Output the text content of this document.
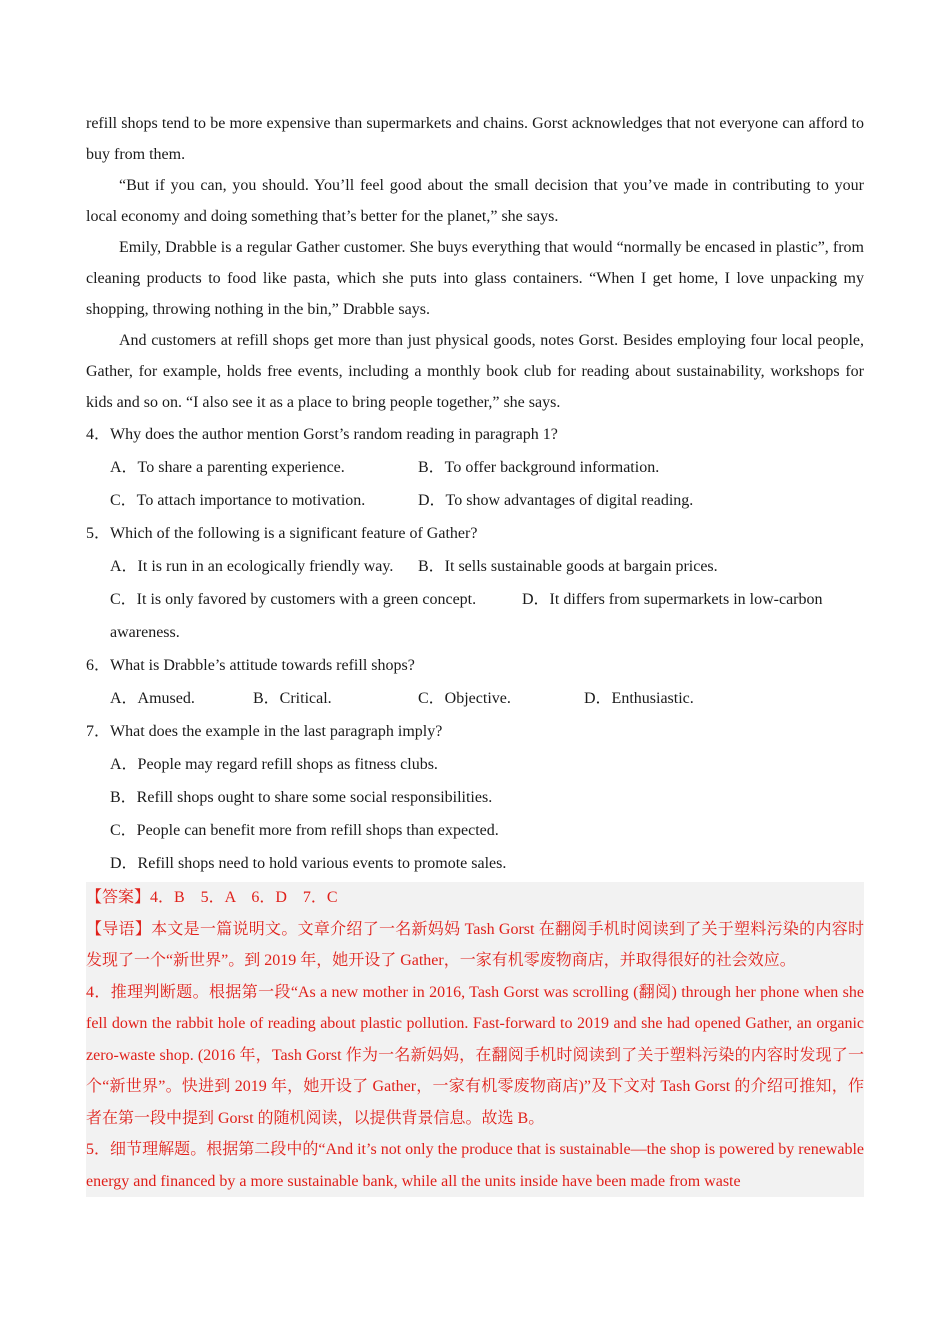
refill shops tend to be more expensive than supermarkets and chains. Gorst acknowledges that not everyone can afford to buy from them.

“But if you can, you should. You’ll feel good about the small decision that you’ve made in contributing to your local economy and doing something that’s better for the planet,” she says.

Emily, Drabble is a regular Gather customer. She buys everything that would “normally be encased in plastic”, from cleaning products to food like pasta, which she puts into glass containers. “When I get home, I love unpacking my shopping, throwing nothing in the bin,” Drabble says.

And customers at refill shops get more than just physical goods, notes Gorst. Besides employing four local people, Gather, for example, holds free events, including a monthly book club for reading about sustainability, workshops for kids and so on. “I also see it as a place to bring people together,” she says.

4．Why does the author mention Gorst’s random reading in paragraph 1?

A．To share a parenting experience.	B．To offer background information.
C．To attach importance to motivation.	D．To show advantages of digital reading.

5．Which of the following is a significant feature of Gather?

A．It is run in an ecologically friendly way.	B．It sells sustainable goods at bargain prices.
C．It is only favored by customers with a green concept.	D．It differs from supermarkets in low-carbon
awareness.

6．What is Drabble’s attitude towards refill shops?

A．Amused.	B．Critical.	C．Objective.	D．Enthusiastic.

7．What does the example in the last paragraph imply?

A．People may regard refill shops as fitness clubs.
B．Refill shops ought to share some social responsibilities.
C．People can benefit more from refill shops than expected.
D．Refill shops need to hold various events to promote sales.

【答案】4．B　5．A　6．D　7．C

【导语】本文是一篇说明文。文章介绍了一名新妈妈 Tash Gorst 在翻阅手机时阅读到了关于塑料污染的内容时发现了一个“新世界”。到 2019 年，她开设了 Gather，一家有机零废物商店，并取得很好的社会效应。

4．推理判断题。根据第一段“As a new mother in 2016, Tash Gorst was scrolling (翻阅) through her phone when she fell down the rabbit hole of reading about plastic pollution. Fast-forward to 2019 and she had opened Gather, an organic zero-waste shop. (2016 年，Tash Gorst 作为一名新妈妈，在翻阅手机时阅读到了关于塑料污染的内容时发现了一个“新世界”。快进到 2019 年，她开设了 Gather，一家有机零废物商店)”及下文对 Tash Gorst 的介绍可推知，作者在第一段中提到 Gorst 的随机阅读，以提供背景信息。故选 B。

5．细节理解题。根据第二段中的“And it’s not only the produce that is sustainable—the shop is powered by renewable energy and financed by a more sustainable bank, while all the units inside have been made from waste
